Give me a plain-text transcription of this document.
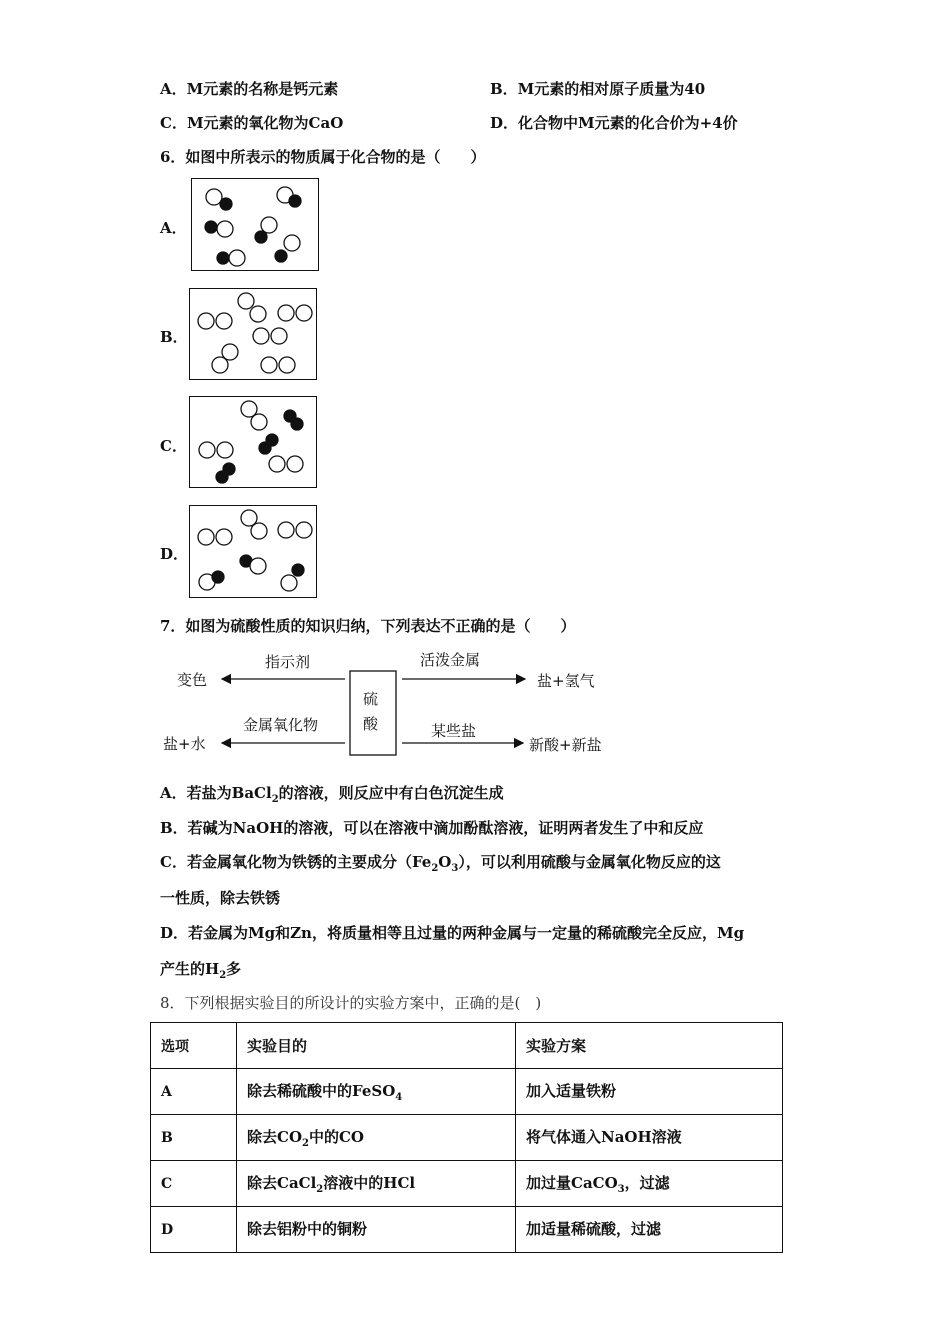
A．M元素的名称是钙元素	B．M元素的相对原子质量为40
C．M元素的氧化物为CaO	D．化合物中M元素的化合价为+4价
6．如图中所表示的物质属于化合物的是（　　）
A．
B．
C．
D．
7．如图为硫酸性质的知识归纳，下列表达不正确的是（　　）
硫
酸
指示剂
变色
活泼金属
盐+氢气
金属氧化物
盐+水
某些盐
新酸+新盐
A．若盐为BaCl$_2$的溶液，则反应中有白色沉淀生成
B．若碱为NaOH的溶液，可以在溶液中滴加酚酞溶液，证明两者发生了中和反应
C．若金属氧化物为铁锈的主要成分$(Fe_2O_3)$，可以利用硫酸与金属氧化物反应的这
一性质，除去铁锈
D．若金属为Mg和Zn，将质量相等且过量的两种金属与一定量的稀硫酸完全反应，Mg
产生的$H_2$多
8．下列根据实验目的所设计的实验方案中，正确的是(　)
选项	实验目的	实验方案
A	除去稀硫酸中的FeSO$_4$	加入适量铁粉
B	除去$CO_2$中的CO	将气体通入NaOH溶液
C	除去CaCl$_2$溶液中的HCl	加过量CaCO$_3$，过滤
D	除去铝粉中的铜粉	加适量稀硫酸，过滤
